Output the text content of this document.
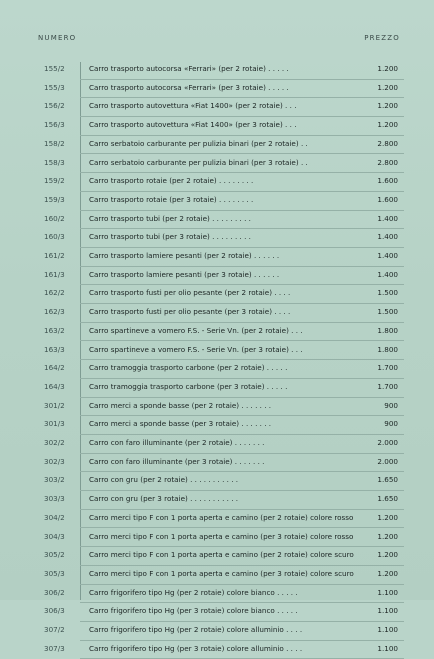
NUMERO	PREZZO
155/2	Carro trasporto autocorsa «Ferrari» (per 2 rotaie) . . . . .	1.200
155/3	Carro trasporto autocorsa «Ferrari» (per 3 rotaie) . . . . .	1.200
156/2	Carro trasporto autovettura «Fiat 1400» (per 2 rotaie) . . .	1.200
156/3	Carro trasporto autovettura «Fiat 1400» (per 3 rotaie) . . .	1.200
158/2	Carro serbatoio carburante per pulizia binari (per 2 rotaie) . .	2.800
158/3	Carro serbatoio carburante per pulizia binari (per 3 rotaie) . .	2.800
159/2	Carro trasporto rotaie (per 2 rotaie) . . . . . . . .	1.600
159/3	Carro trasporto rotaie (per 3 rotaie) . . . . . . . .	1.600
160/2	Carro trasporto tubi (per 2 rotaie) . . . . . . . . .	1.400
160/3	Carro trasporto tubi (per 3 rotaie) . . . . . . . . .	1.400
161/2	Carro trasporto lamiere pesanti (per 2 rotaie) . . . . . .	1.400
161/3	Carro trasporto lamiere pesanti (per 3 rotaie) . . . . . .	1.400
162/2	Carro trasporto fusti per olio pesante (per 2 rotaie) . . . .	1.500
162/3	Carro trasporto fusti per olio pesante (per 3 rotaie) . . . .	1.500
163/2	Carro spartineve a vomero F.S. - Serie Vn. (per 2 rotaie) . . .	1.800
163/3	Carro spartineve a vomero F.S. - Serie Vn. (per 3 rotaie) . . .	1.800
164/2	Carro tramoggia trasporto carbone (per 2 rotaie) . . . . .	1.700
164/3	Carro tramoggia trasporto carbone (per 3 rotaie) . . . . .	1.700
301/2	Carro merci a sponde basse (per 2 rotaie) . . . . . . .	900
301/3	Carro merci a sponde basse (per 3 rotaie) . . . . . . .	900
302/2	Carro con faro illuminante (per 2 rotaie) . . . . . . .	2.000
302/3	Carro con faro illuminante (per 3 rotaie) . . . . . . .	2.000
303/2	Carro con gru (per 2 rotaie) . . . . . . . . . . .	1.650
303/3	Carro con gru (per 3 rotaie) . . . . . . . . . . .	1.650
304/2	Carro merci tipo F con 1 porta aperta e camino (per 2 rotaie) colore rosso	1.200
304/3	Carro merci tipo F con 1 porta aperta e camino (per 3 rotaie) colore rosso	1.200
305/2	Carro merci tipo F con 1 porta aperta e camino (per 2 rotaie) colore scuro	1.200
305/3	Carro merci tipo F con 1 porta aperta e camino (per 3 rotaie) colore scuro	1.200
306/2	Carro frigorifero tipo Hg (per 2 rotaie) colore bianco . . . . .	1.100
306/3	Carro frigorifero tipo Hg (per 3 rotaie) colore bianco . . . . .	1.100
307/2	Carro frigorifero tipo Hg (per 2 rotaie) colore alluminio . . . .	1.100
307/3	Carro frigorifero tipo Hg (per 3 rotaie) colore alluminio . . . .	1.100
